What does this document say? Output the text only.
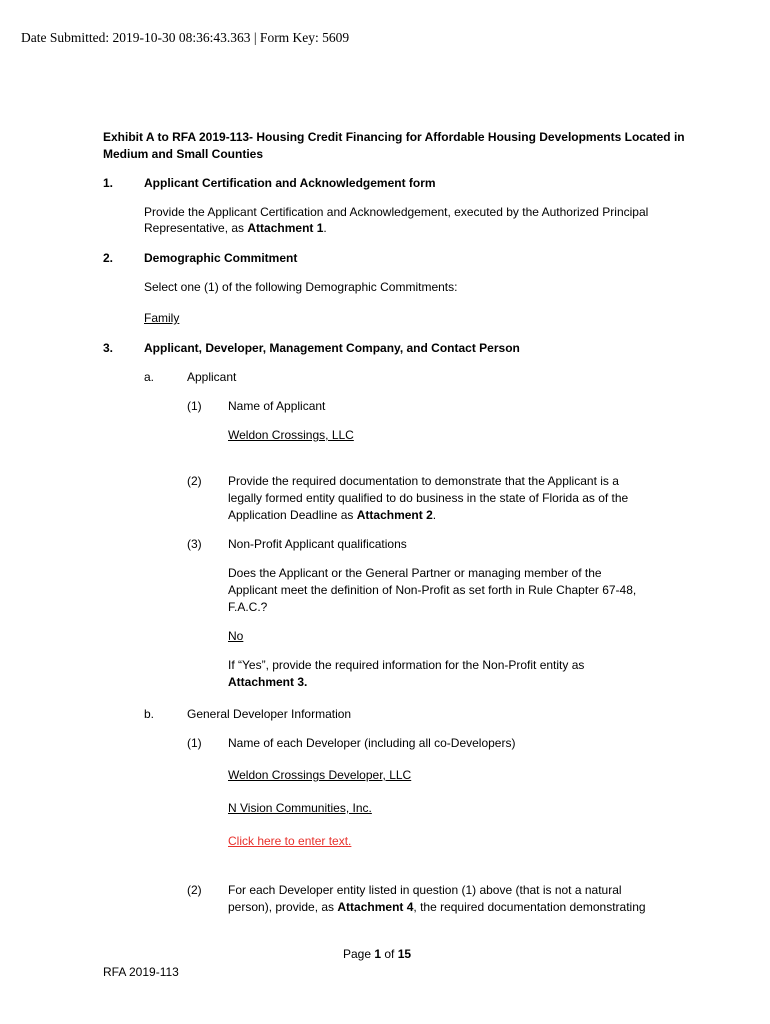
Date Submitted: 2019-10-30 08:36:43.363 | Form Key: 5609
Exhibit A to RFA 2019-113- Housing Credit Financing for Affordable Housing Developments Located in
Medium and Small Counties
1.	Applicant Certification and Acknowledgement form
Provide the Applicant Certification and Acknowledgement, executed by the Authorized Principal
Representative, as Attachment 1.
2.	Demographic Commitment
Select one (1) of the following Demographic Commitments:
Family
3.	Applicant, Developer, Management Company, and Contact Person
a.	Applicant
(1) Name of Applicant
Weldon Crossings, LLC
(2) Provide the required documentation to demonstrate that the Applicant is a
legally formed entity qualified to do business in the state of Florida as of the
Application Deadline as Attachment 2.
(3) Non-Profit Applicant qualifications
Does the Applicant or the General Partner or managing member of the
Applicant meet the definition of Non-Profit as set forth in Rule Chapter 67-48,
F.A.C.?
No
If “Yes”, provide the required information for the Non-Profit entity as
Attachment 3.
b.	General Developer Information
(1) Name of each Developer (including all co-Developers)
Weldon Crossings Developer, LLC
N Vision Communities, Inc.
Click here to enter text.
(2) For each Developer entity listed in question (1) above (that is not a natural
person), provide, as Attachment 4, the required documentation demonstrating
Page 1 of 15
RFA 2019-113
